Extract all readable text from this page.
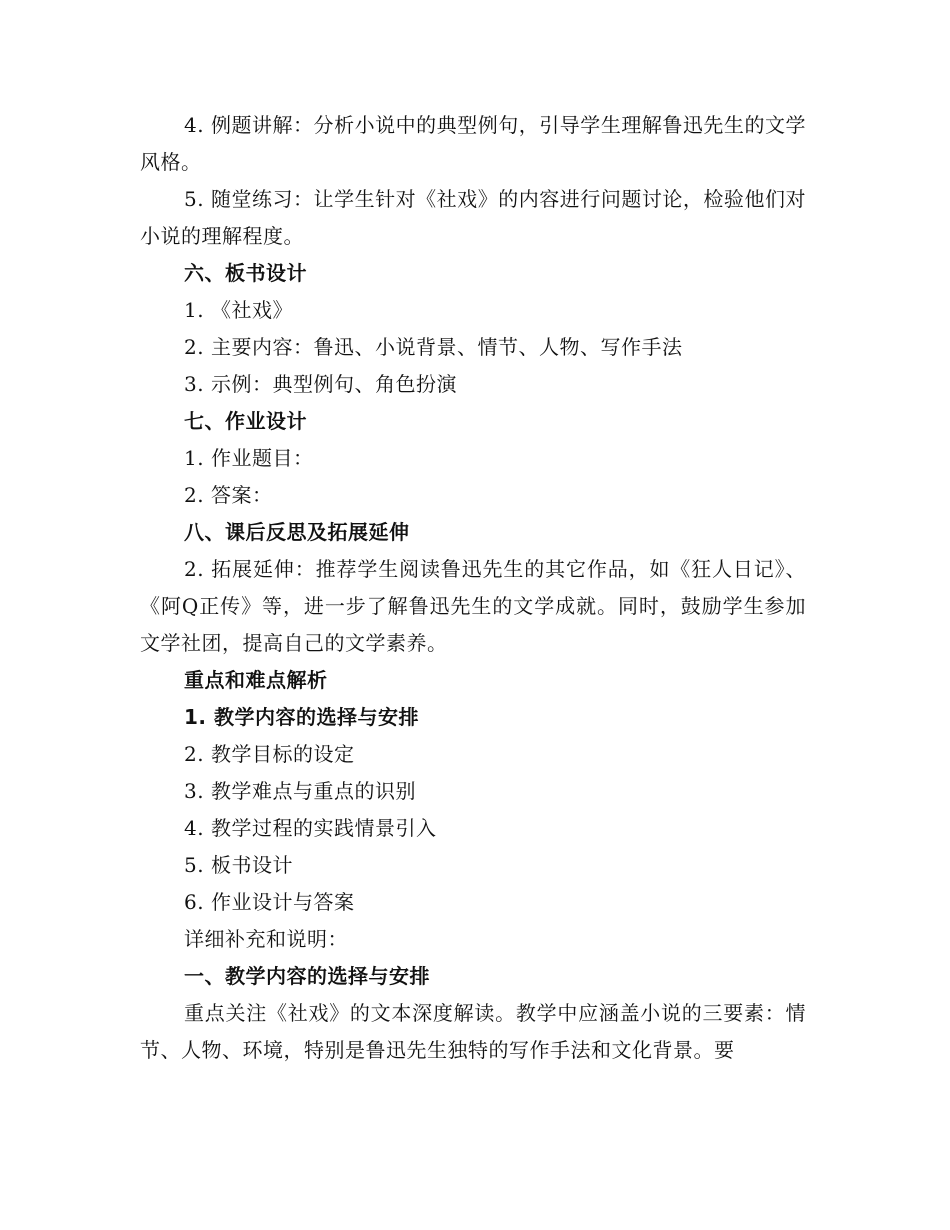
4. 例题讲解：分析小说中的典型例句，引导学生理解鲁迅先生的文学风格。

5. 随堂练习：让学生针对《社戏》的内容进行问题讨论，检验他们对小说的理解程度。

六、板书设计

1. 《社戏》

2. 主要内容：鲁迅、小说背景、情节、人物、写作手法

3. 示例：典型例句、角色扮演

七、作业设计

1. 作业题目：

2. 答案：

八、课后反思及拓展延伸

2. 拓展延伸：推荐学生阅读鲁迅先生的其它作品，如《狂人日记》、《阿Q正传》等，进一步了解鲁迅先生的文学成就。同时，鼓励学生参加文学社团，提高自己的文学素养。

重点和难点解析

1. 教学内容的选择与安排

2. 教学目标的设定

3. 教学难点与重点的识别

4. 教学过程的实践情景引入

5. 板书设计

6. 作业设计与答案

详细补充和说明：

一、教学内容的选择与安排

重点关注《社戏》的文本深度解读。教学中应涵盖小说的三要素：情节、人物、环境，特别是鲁迅先生独特的写作手法和文化背景。要
